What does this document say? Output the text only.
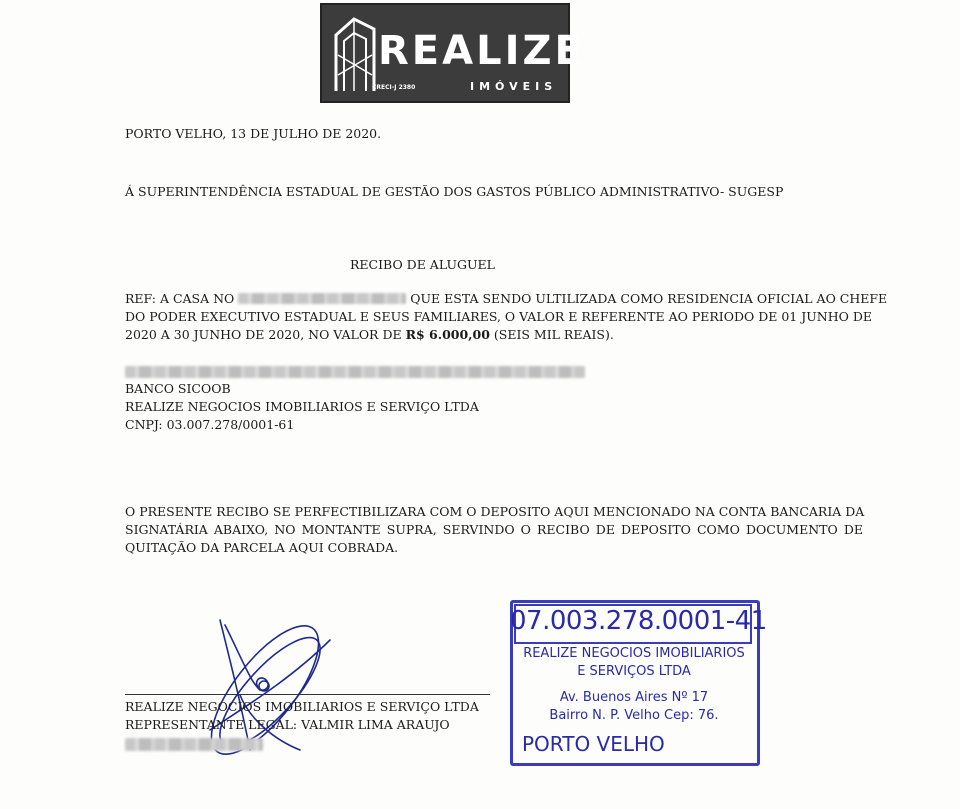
REALIZE
IMÓVEIS
CRECI-J 2380
PORTO VELHO, 13 DE JULHO DE 2020.
Á SUPERINTENDÊNCIA ESTADUAL DE GESTÃO DOS GASTOS PÚBLICO ADMINISTRATIVO- SUGESP
RECIBO DE ALUGUEL
REF: A CASA NO	QUE ESTA SENDO ULTILIZADA COMO RESIDENCIA OFICIAL AO CHEFE
DO PODER EXECUTIVO ESTADUAL E SEUS FAMILIARES, O VALOR E REFERENTE AO PERIODO DE 01 JUNHO DE
2020 A 30 JUNHO DE 2020, NO VALOR DE R$ 6.000,00 (SEIS MIL REAIS).
BANCO SICOOB
REALIZE NEGOCIOS IMOBILIARIOS E SERVIÇO LTDA
CNPJ: 03.007.278/0001-61
O PRESENTE RECIBO SE PERFECTIBILIZARA COM O DEPOSITO AQUI MENCIONADO NA CONTA BANCARIA DA
SIGNATÁRIA ABAIXO, NO MONTANTE SUPRA, SERVINDO O RECIBO DE DEPOSITO COMO DOCUMENTO DE
QUITAÇÃO DA PARCELA AQUI COBRADA.
REALIZE NEGOCIOS IMOBILIARIOS E SERVIÇO LTDA
REPRESENTANTE LEGAL: VALMIR LIMA ARAUJO
07.003.278.0001-41
REALIZE NEGOCIOS IMOBILIARIOS
E SERVIÇOS LTDA
Av. Buenos Aires Nº 17
Bairro N. P. Velho Cep: 76.
PORTO VELHO
